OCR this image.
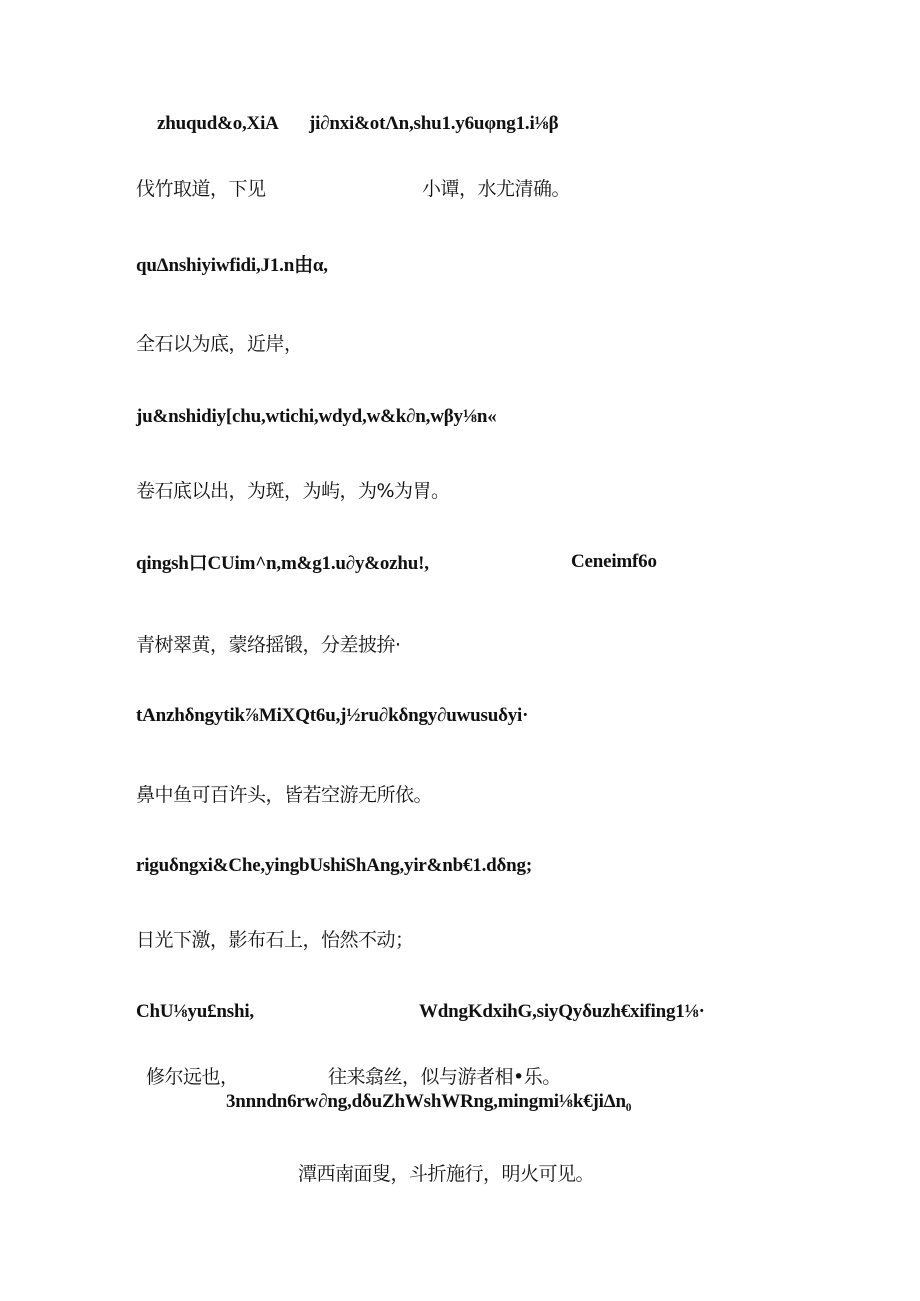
zhuqud&o,XiA ji∂nxi&otΛn,shu1.y6uφng1.i⅛β
伐竹取道，下见	小谭，水尤清确。
quΔnshiyiwfidi,J1.n由α,
全石以为底，近岸，
ju&nshidiy[chu,wtichi,wdyd,w&k∂n,wβy⅛n«
卷石底以出，为斑，为屿，为%为胃。
qingsh口CUim^n,m&g1.u∂y&ozhu!,	Ceneimf6o
青树翠黄，蒙络摇锻，分差披拚·
tAnzhδngytik⅞MiXQt6u,j½ru∂kδngy∂uwusuδyi·
鼻中鱼可百许头，皆若空游无所依。
riguδngxi&Che,yingbUshiShAng,yir&nb€1.dδng;
日光下激，影布石上，怡然不动；
ChU⅛yu£nshi,	WdngKdxihG,siyQyδuzh€xifing1⅛·
修尔远也，	往来翕丝，似与游者相•乐。
3nnndn6rw∂ng,dδuZhWshWRng,mingmi⅛k€jiΔn₀
潭西南面叟，斗折施行，明火可见。
